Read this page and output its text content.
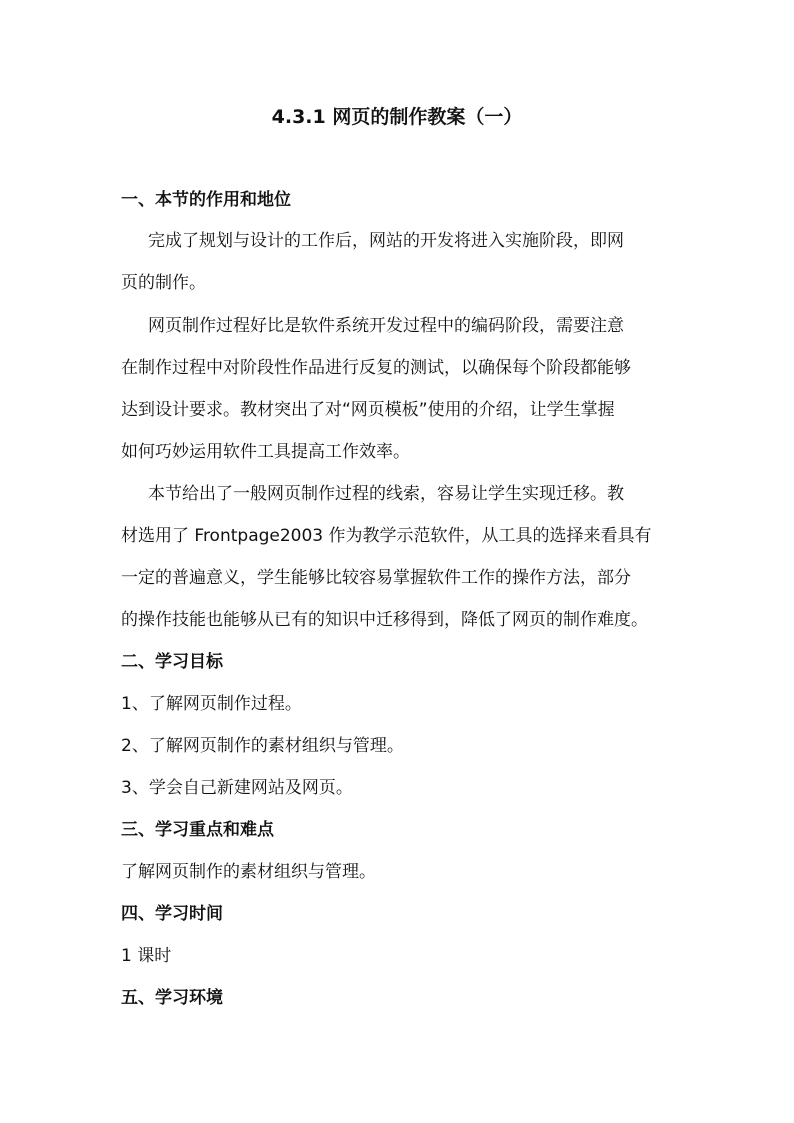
4.3.1 网页的制作教案（一）
一、本节的作用和地位
完成了规划与设计的工作后，网站的开发将进入实施阶段，即网
页的制作。
网页制作过程好比是软件系统开发过程中的编码阶段，需要注意
在制作过程中对阶段性作品进行反复的测试，以确保每个阶段都能够
达到设计要求。教材突出了对“网页模板”使用的介绍，让学生掌握
如何巧妙运用软件工具提高工作效率。
本节给出了一般网页制作过程的线索，容易让学生实现迁移。教
材选用了 Frontpage2003 作为教学示范软件，从工具的选择来看具有
一定的普遍意义，学生能够比较容易掌握软件工作的操作方法，部分
的操作技能也能够从已有的知识中迁移得到，降低了网页的制作难度。
二、学习目标
1、了解网页制作过程。
2、了解网页制作的素材组织与管理。
3、学会自己新建网站及网页。
三、学习重点和难点
了解网页制作的素材组织与管理。
四、学习时间
1 课时
五、学习环境
